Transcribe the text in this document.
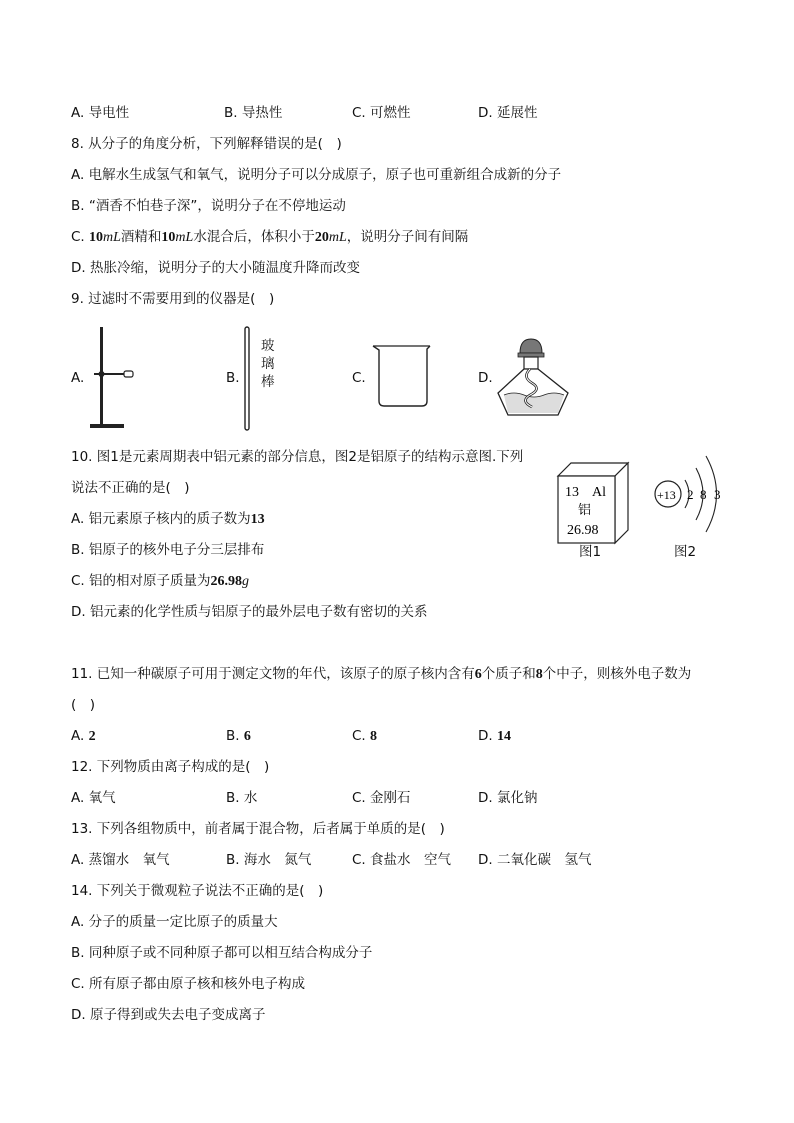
A. 导电性	B. 导热性	C. 可燃性	D. 延展性
8. 从分子的角度分析，下列解释错误的是(　)
A. 电解水生成氢气和氧气，说明分子可以分成原子，原子也可重新组合成新的分子
B. “酒香不怕巷子深”，说明分子在不停地运动
C. 10mL酒精和10mL水混合后，体积小于20mL，说明分子间有间隔
D. 热胀冷缩，说明分子的大小随温度升降而改变
9. 过滤时不需要用到的仪器是(　)
A.	B.	C.	D.
玻
璃
棒
10. 图1是元素周期表中铝元素的部分信息，图2是铝原子的结构示意图.下列
说法不正确的是(　)
A. 铝元素原子核内的质子数为13
B. 铝原子的核外电子分三层排布
C. 铝的相对原子质量为26.98g
D. 铝元素的化学性质与铝原子的最外层电子数有密切的关系
13 Al
铝
26.98
图1
+13 2 8 3
图2
11. 已知一种碳原子可用于测定文物的年代，该原子的原子核内含有6个质子和8个中子，则核外电子数为
(　)
A. 2	B. 6	C. 8	D. 14
12. 下列物质由离子构成的是(　)
A. 氧气	B. 水	C. 金刚石	D. 氯化钠
13. 下列各组物质中，前者属于混合物，后者属于单质的是(　)
A. 蒸馏水　氧气	B. 海水　氮气	C. 食盐水　空气 D. 二氧化碳　氢气
14. 下列关于微观粒子说法不正确的是(　)
A. 分子的质量一定比原子的质量大
B. 同种原子或不同种原子都可以相互结合构成分子
C. 所有原子都由原子核和核外电子构成
D. 原子得到或失去电子变成离子
